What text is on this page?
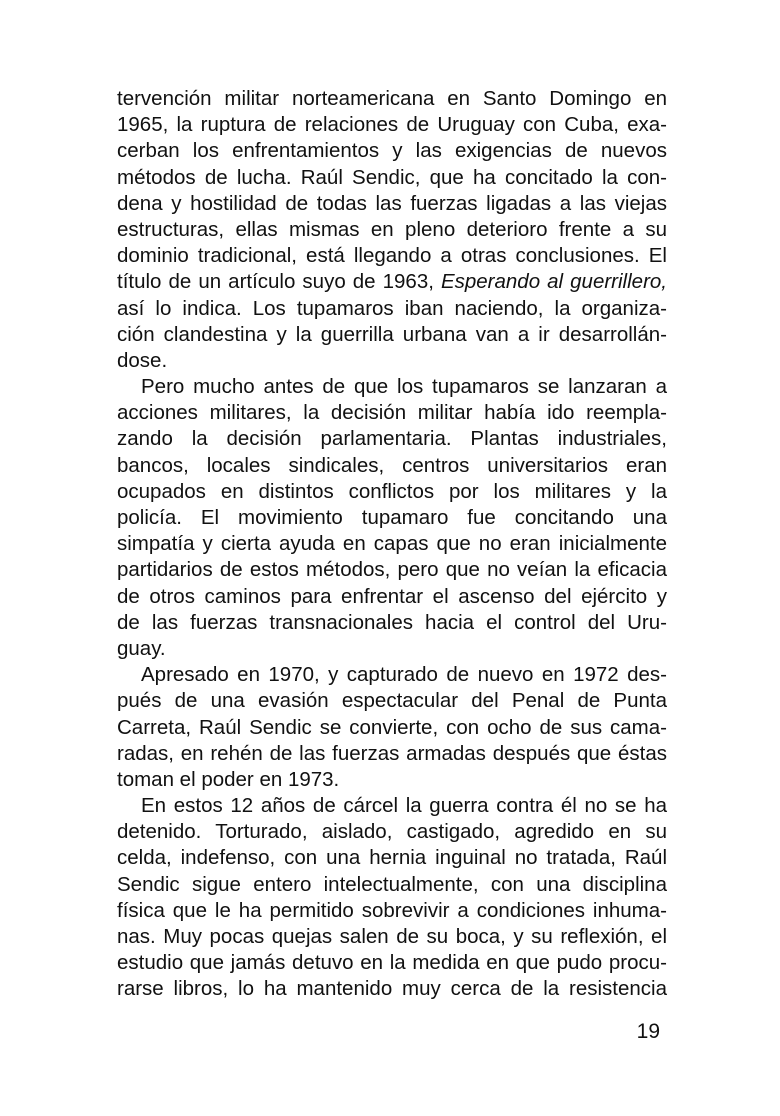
tervención militar norteamericana en Santo Domingo en
1965, la ruptura de relaciones de Uruguay con Cuba, exa-
cerban los enfrentamientos y las exigencias de nuevos
métodos de lucha. Raúl Sendic, que ha concitado la con-
dena y hostilidad de todas las fuerzas ligadas a las viejas
estructuras, ellas mismas en pleno deterioro frente a su
dominio tradicional, está llegando a otras conclusiones. El
título de un artículo suyo de 1963, Esperando al guerrillero,
así lo indica. Los tupamaros iban naciendo, la organiza-
ción clandestina y la guerrilla urbana van a ir desarrollán-
dose.
Pero mucho antes de que los tupamaros se lanzaran a
acciones militares, la decisión militar había ido reempla-
zando la decisión parlamentaria. Plantas industriales,
bancos, locales sindicales, centros universitarios eran
ocupados en distintos conflictos por los militares y la
policía. El movimiento tupamaro fue concitando una
simpatía y cierta ayuda en capas que no eran inicialmente
partidarios de estos métodos, pero que no veían la eficacia
de otros caminos para enfrentar el ascenso del ejército y
de las fuerzas transnacionales hacia el control del Uru-
guay.
Apresado en 1970, y capturado de nuevo en 1972 des-
pués de una evasión espectacular del Penal de Punta
Carreta, Raúl Sendic se convierte, con ocho de sus cama-
radas, en rehén de las fuerzas armadas después que éstas
toman el poder en 1973.
En estos 12 años de cárcel la guerra contra él no se ha
detenido. Torturado, aislado, castigado, agredido en su
celda, indefenso, con una hernia inguinal no tratada, Raúl
Sendic sigue entero intelectualmente, con una disciplina
física que le ha permitido sobrevivir a condiciones inhuma-
nas. Muy pocas quejas salen de su boca, y su reflexión, el
estudio que jamás detuvo en la medida en que pudo procu-
rarse libros, lo ha mantenido muy cerca de la resistencia
19
